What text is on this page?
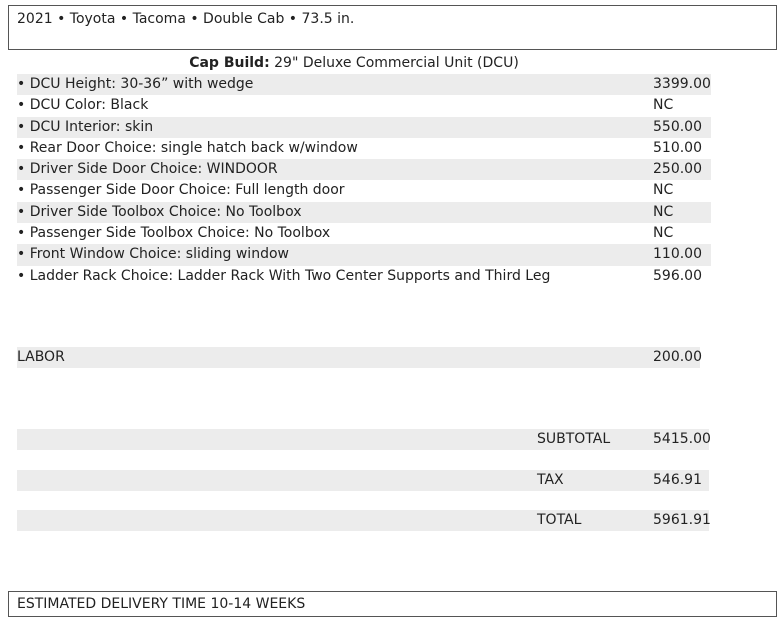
2021 • Toyota • Tacoma • Double Cab • 73.5 in.
Cap Build: 29" Deluxe Commercial Unit (DCU)
• DCU Height: 30-36” with wedge	3399.00
• DCU Color: Black	NC
• DCU Interior: skin	550.00
• Rear Door Choice: single hatch back w/window	510.00
• Driver Side Door Choice: WINDOOR	250.00
• Passenger Side Door Choice: Full length door	NC
• Driver Side Toolbox Choice: No Toolbox	NC
• Passenger Side Toolbox Choice: No Toolbox	NC
• Front Window Choice: sliding window	110.00
• Ladder Rack Choice: Ladder Rack With Two Center Supports and Third Leg	596.00
LABOR	200.00
SUBTOTAL	5415.00
TAX	546.91
TOTAL	5961.91
ESTIMATED DELIVERY TIME 10-14 WEEKS
